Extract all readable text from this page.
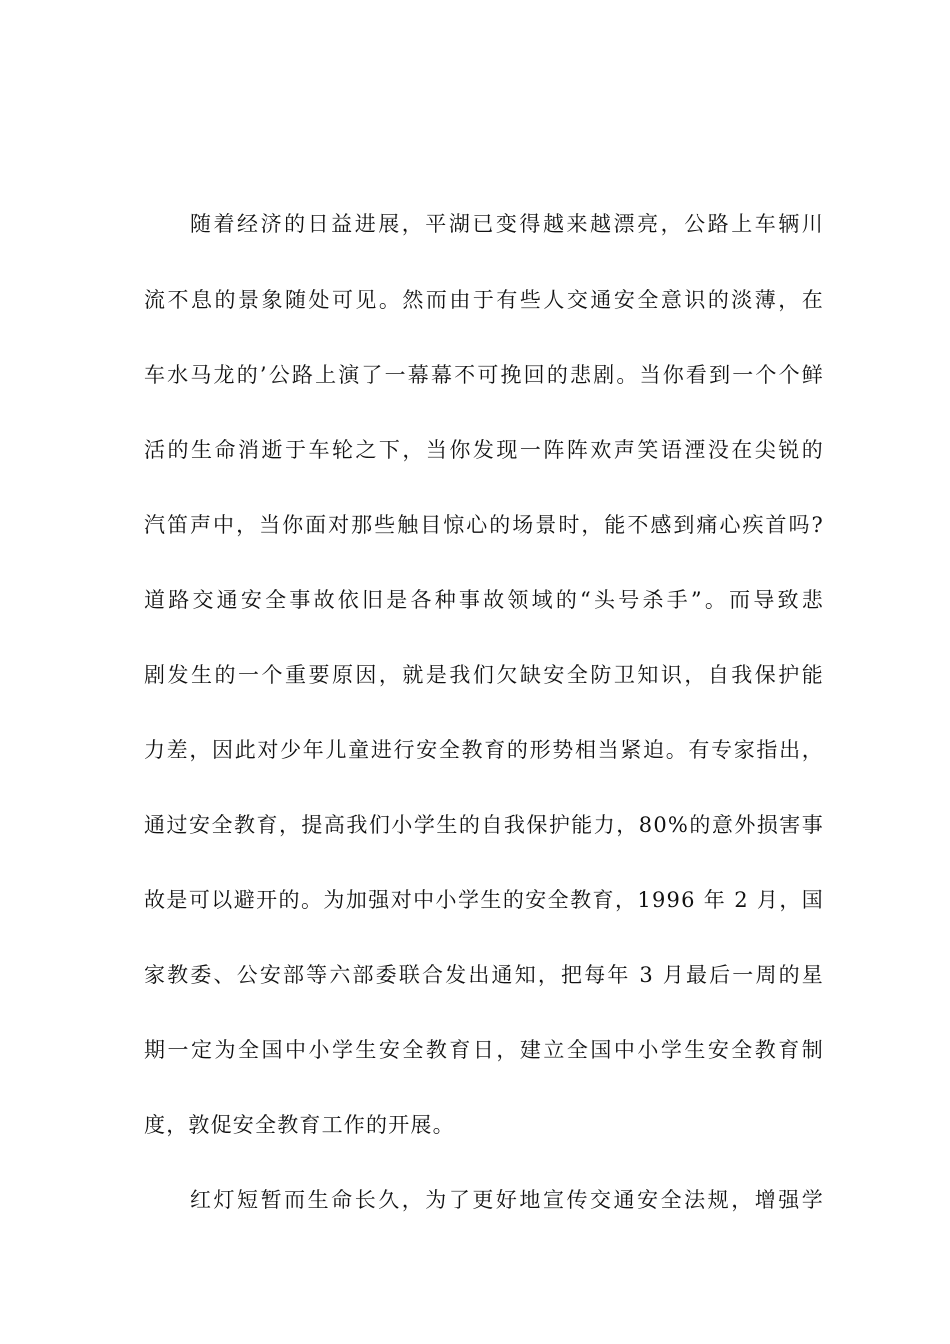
随着经济的日益进展，平湖已变得越来越漂亮，公路上车辆川
流不息的景象随处可见。然而由于有些人交通安全意识的淡薄，在
车水马龙的’公路上演了一幕幕不可挽回的悲剧。当你看到一个个鲜
活的生命消逝于车轮之下，当你发现一阵阵欢声笑语湮没在尖锐的
汽笛声中，当你面对那些触目惊心的场景时，能不感到痛心疾首吗?
道路交通安全事故依旧是各种事故领域的“头号杀手”。而导致悲
剧发生的一个重要原因，就是我们欠缺安全防卫知识，自我保护能
力差，因此对少年儿童进行安全教育的形势相当紧迫。有专家指出，
通过安全教育，提高我们小学生的自我保护能力，80%的意外损害事
故是可以避开的。为加强对中小学生的安全教育，1996 年 2 月，国
家教委、公安部等六部委联合发出通知，把每年 3 月最后一周的星
期一定为全国中小学生安全教育日，建立全国中小学生安全教育制
度，敦促安全教育工作的开展。
红灯短暂而生命长久，为了更好地宣传交通安全法规，增强学
